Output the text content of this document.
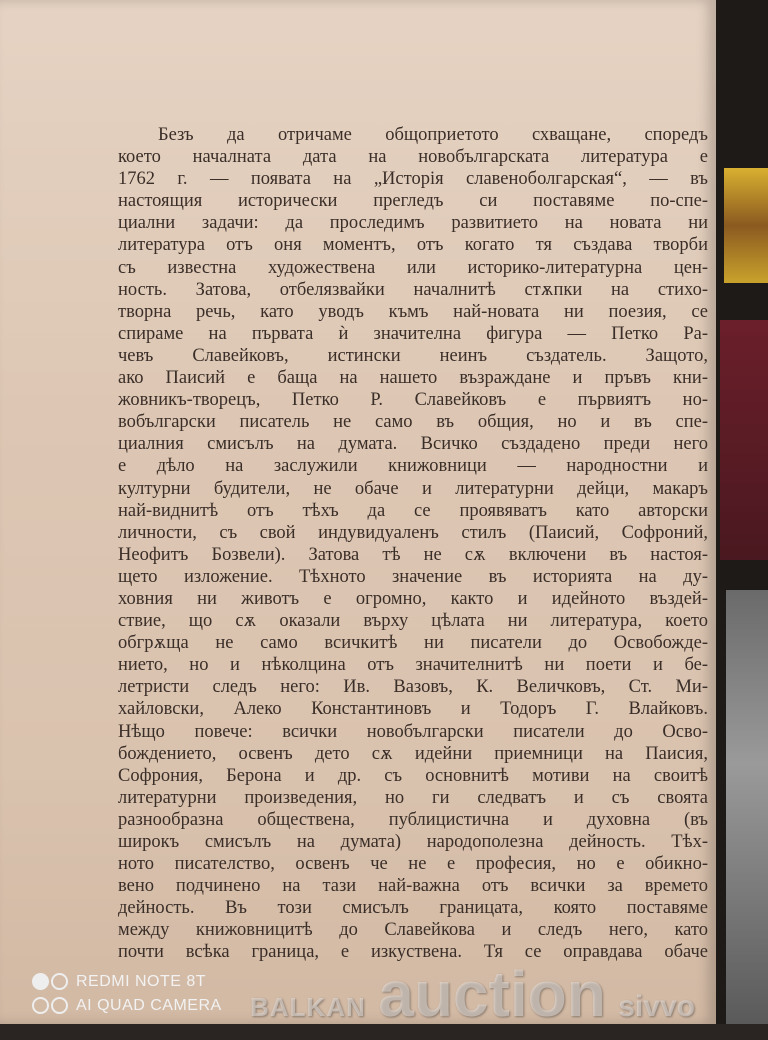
Безъ да отричаме общоприетото схващане, споредъ
което началната дата на новобългарската литература е
1762 г. — появата на „Исторія славеноболгарская“, — въ
настоящия исторически прегледъ си поставяме по-спе-
циални задачи: да проследимъ развитието на новата ни
литература отъ оня моментъ, отъ когато тя създава творби
съ известна художествена или историко-литературна цен-
ность. Затова, отбелязвайки началнитѣ стѫпки на стихо-
творна речь, като уводъ къмъ най-новата ни поезия, се
спираме на първата ѝ значителна фигура — Петко Ра-
чевъ Славейковъ, истински неинъ създатель. Защото,
ако Паисий е баща на нашето възраждане и пръвъ кни-
жовникъ-творецъ, Петко Р. Славейковъ е първиятъ но-
вобългарски писатель не само въ общия, но и въ спе-
циалния смисълъ на думата. Всичко създадено преди него
е дѣло на заслужили книжовници — народностни и
културни будители, не обаче и литературни дейци, макаръ
най-виднитѣ отъ тѣхъ да се проявяватъ като авторски
личности, съ свой индувидуаленъ стилъ (Паисий, Софроний,
Неофитъ Бозвели). Затова тѣ не сѫ включени въ настоя-
щето изложение. Тѣхното значение въ историята на ду-
ховния ни животъ е огромно, както и идейното въздей-
ствие, що сѫ оказали върху цѣлата ни литература, което
обгрѫща не само всичкитѣ ни писатели до Освобожде-
нието, но и нѣколцина отъ значителнитѣ ни поети и бе-
летристи следъ него: Ив. Вазовъ, К. Величковъ, Ст. Ми-
хайловски, Алеко Константиновъ и Тодоръ Г. Влайковъ.
Нѣщо повече: всички новобългарски писатели до Осво-
бождението, освенъ дето сѫ идейни приемници на Паисия,
Софрония, Берона и др. съ основнитѣ мотиви на своитѣ
литературни произведения, но ги следватъ и съ своята
разнообразна обществена, публицистична и духовна (въ
широкъ смисълъ на думата) народополезна дейность. Тѣх-
ното писателство, освенъ че не е професия, но е обикно-
вено подчинено на тази най-важна отъ всички за времето
дейность. Въ този смисълъ границата, която поставяме
между книжовницитѣ до Славейкова и следъ него, като
почти всѣка граница, е изкуствена. Тя се оправдава обаче
BALKAN auction sivvo
REDMI NOTE 8T
AI QUAD CAMERA
